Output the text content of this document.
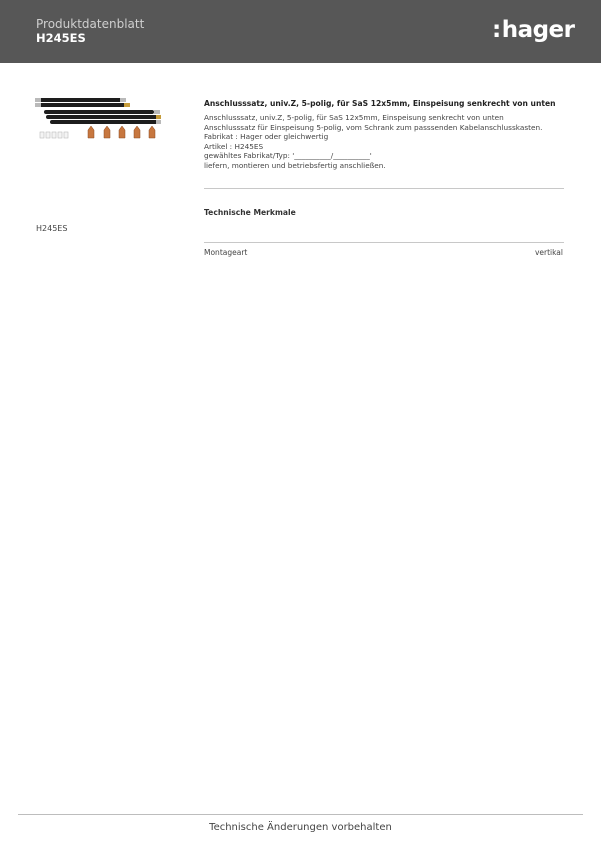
Produktdatenblatt
H245ES	:hager
H245ES
Anschlusssatz, univ.Z, 5-polig, für SaS 12x5mm, Einspeisung senkrecht von unten
Anschlusssatz, univ.Z, 5-polig, für SaS 12x5mm, Einspeisung senkrecht von unten
Anschlusssatz für Einspeisung 5-polig, vom Schrank zum passsenden Kabelanschlusskasten.
Fabrikat : Hager oder gleichwertig
Artikel : H245ES
gewähltes Fabrikat/Typ: '__________/__________'
liefern, montieren und betriebsfertig anschließen.
Technische Merkmale
Montageart	vertikal
Technische Änderungen vorbehalten
